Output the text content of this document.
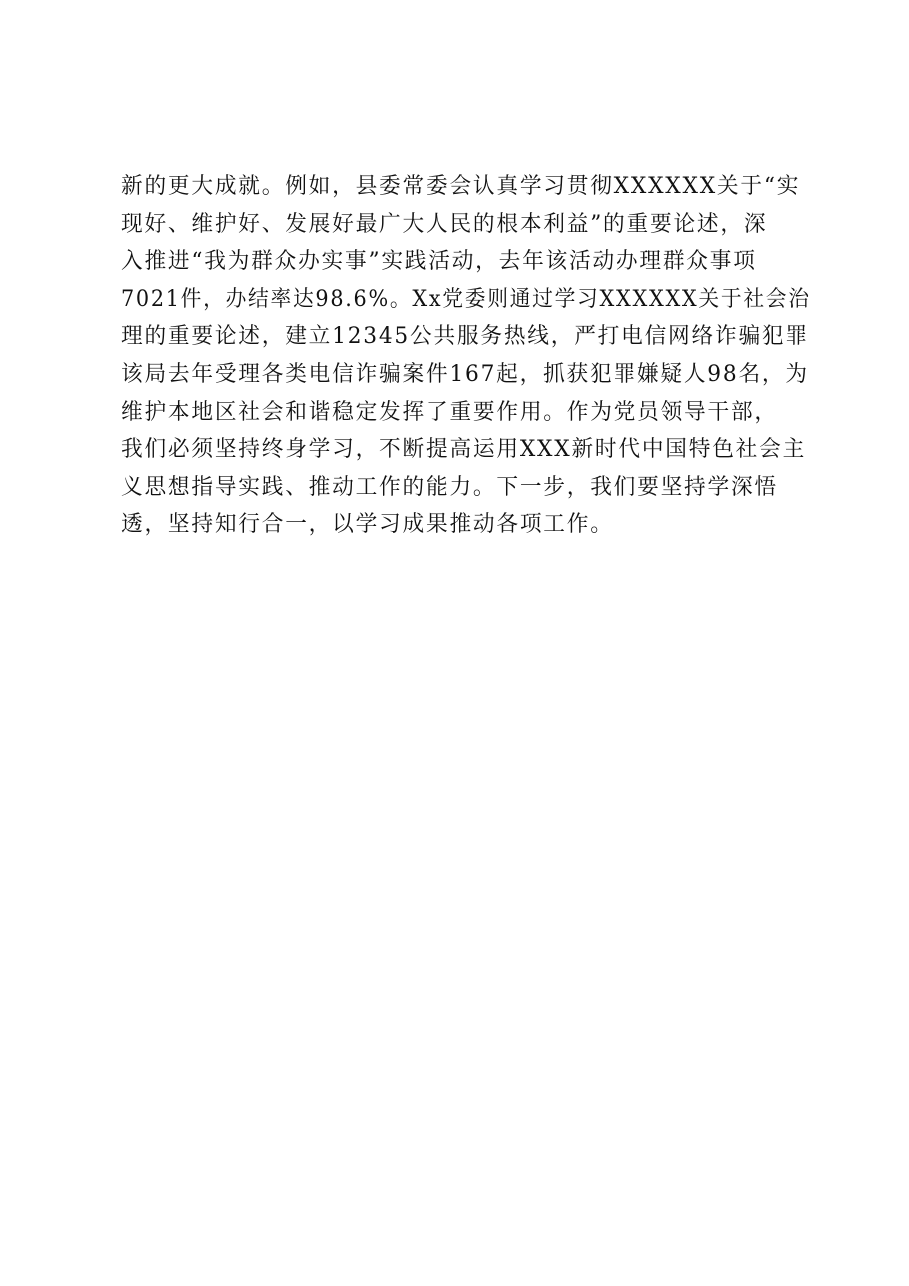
新的更大成就。例如，县委常委会认真学习贯彻XXXXXX关于“实
现好、维护好、发展好最广大人民的根本利益”的重要论述，深
入推进“我为群众办实事”实践活动，去年该活动办理群众事项
7021件，办结率达98.6%。Xx党委则通过学习XXXXXX关于社会治
理的重要论述，建立12345公共服务热线，严打电信网络诈骗犯罪
该局去年受理各类电信诈骗案件167起，抓获犯罪嫌疑人98名，为
维护本地区社会和谐稳定发挥了重要作用。作为党员领导干部，
我们必须坚持终身学习，不断提高运用XXX新时代中国特色社会主
义思想指导实践、推动工作的能力。下一步，我们要坚持学深悟
透，坚持知行合一，以学习成果推动各项工作。
